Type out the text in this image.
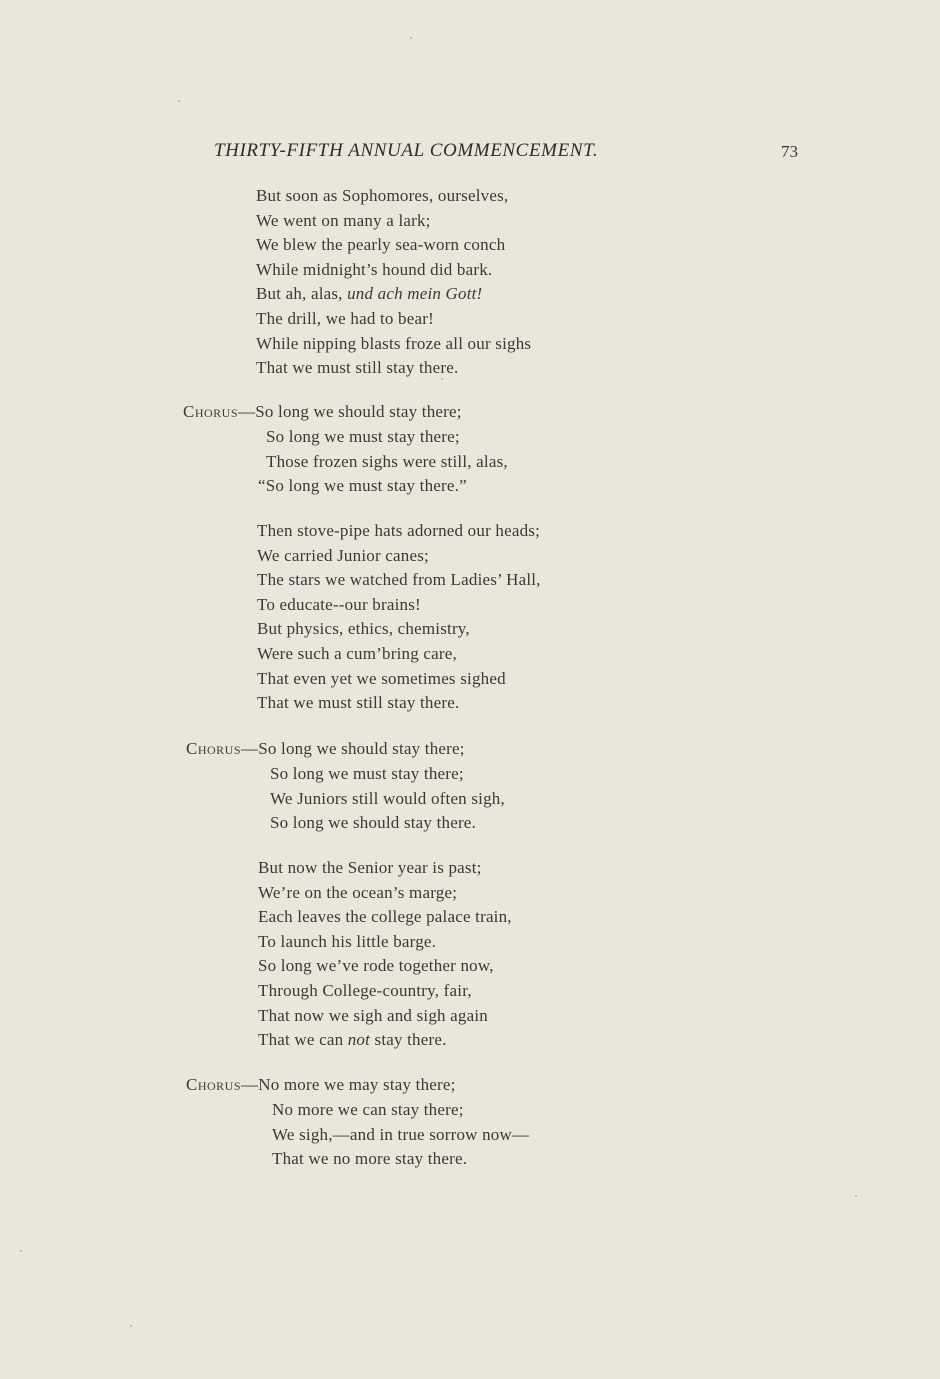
THIRTY-FIFTH ANNUAL COMMENCEMENT.	73
But soon as Sophomores, ourselves,
We went on many a lark;
We blew the pearly sea-worn conch
While midnight’s hound did bark.
But ah, alas, und ach mein Gott!
The drill, we had to bear!
While nipping blasts froze all our sighs
That we must still stay there.
Chorus—So long we should stay there;
So long we must stay there;
Those frozen sighs were still, alas,
“So long we must stay there.”
Then stove-pipe hats adorned our heads;
We carried Junior canes;
The stars we watched from Ladies’ Hall,
To educate--our brains!
But physics, ethics, chemistry,
Were such a cum’bring care,
That even yet we sometimes sighed
That we must still stay there.
Chorus—So long we should stay there;
So long we must stay there;
We Juniors still would often sigh,
So long we should stay there.
But now the Senior year is past;
We’re on the ocean’s marge;
Each leaves the college palace train,
To launch his little barge.
So long we’ve rode together now,
Through College-country, fair,
That now we sigh and sigh again
That we can not stay there.
Chorus—No more we may stay there;
No more we can stay there;
We sigh,—and in true sorrow now—
That we no more stay there.
